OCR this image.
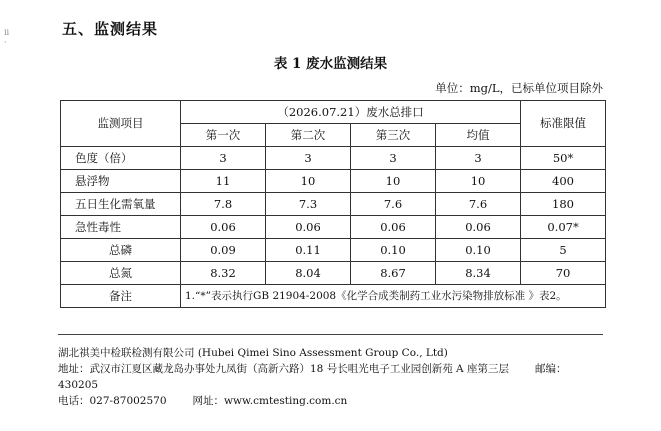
ⅱ
·
五、监测结果
表 1 废水监测结果
单位：mg/L，已标单位项目除外
监测项目	（2026.07.21）废水总排口				标准限值
	第一次	第二次	第三次	均值	
色度（倍）	3	3	3	3	50*
悬浮物	11	10	10	10	400
五日生化需氧量	7.8	7.3	7.6	7.6	180
急性毒性	0.06	0.06	0.06	0.06	0.07*
总磷	0.09	0.11	0.10	0.10	5
总氮	8.32	8.04	8.67	8.34	70
备注	1.“*”表示执行GB 21904-2008《化学合成类制药工业水污染物排放标准 》表2。				
湖北祺美中检联检测有限公司 (Hubei Qimei Sino Assessment Group Co., Ltd)
地址：武汉市江夏区藏龙岛办事处九凤街（高新六路）18 号长咀光电子工业园创新苑 A 座第三层 邮编：430205
电话：027-87002570 网址：www.cmtesting.com.cn
